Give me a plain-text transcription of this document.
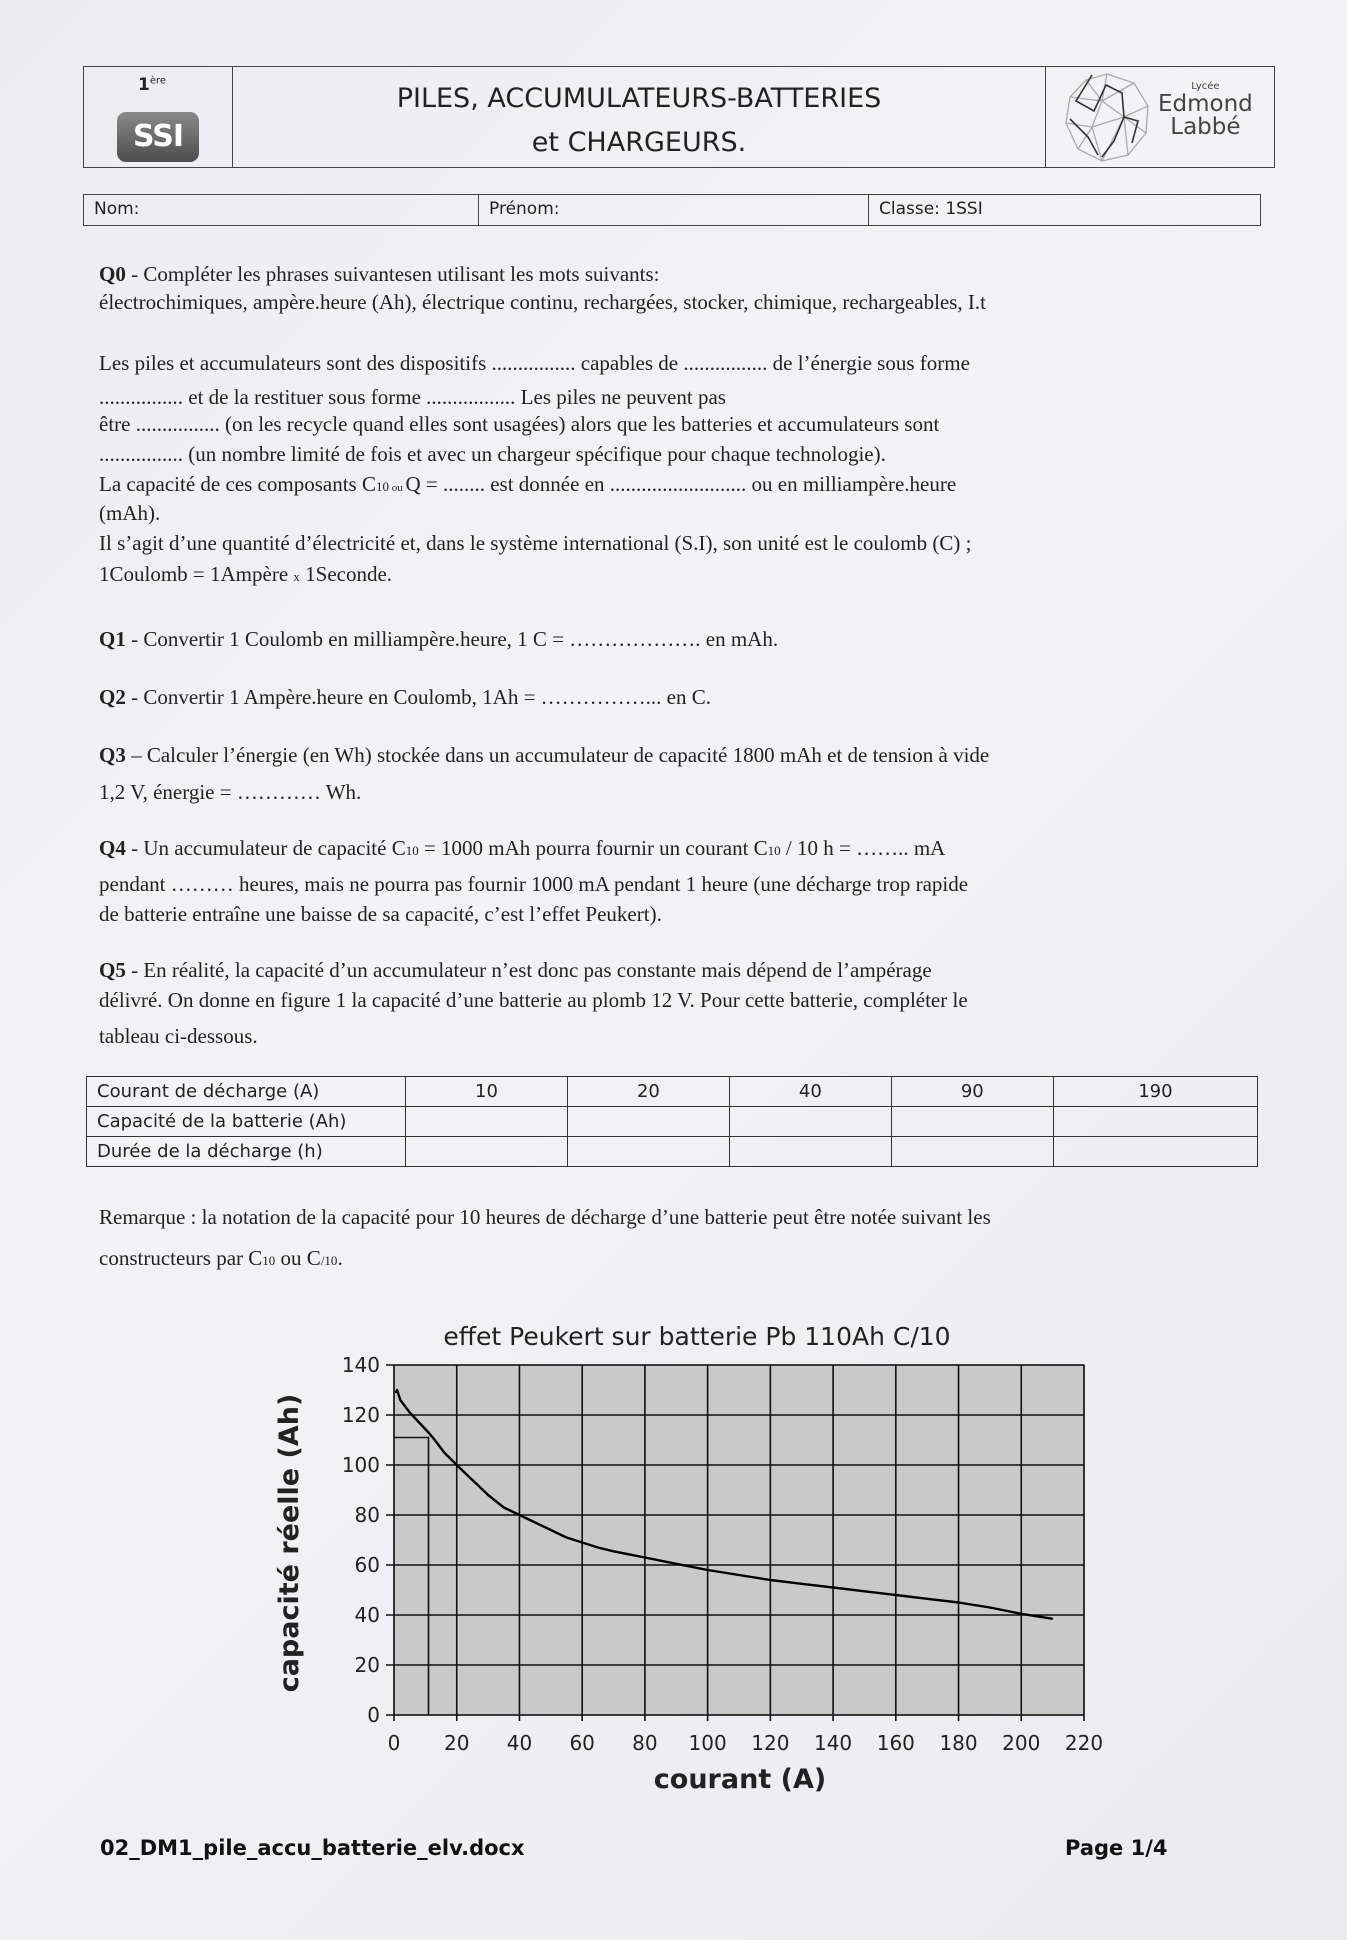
1ère
SSI
PILES, ACCUMULATEURS-BATTERIES
et CHARGEURS.
Lycée
Edmond
Labbé
Nom:	Prénom:	Classe: 1SSI
Q0 - Compléter les phrases suivantesen utilisant les mots suivants:
électrochimiques, ampère.heure (Ah), électrique continu, rechargées, stocker, chimique, rechargeables, I.t
Les piles et accumulateurs sont des dispositifs ................ capables de ................ de l’énergie sous forme
................ et de la restituer sous forme ................. Les piles ne peuvent pas
être ................ (on les recycle quand elles sont usagées) alors que les batteries et accumulateurs sont
................ (un nombre limité de fois et avec un chargeur spécifique pour chaque technologie).
La capacité de ces composants C10 ou Q = ........ est donnée en .......................... ou en milliampère.heure
(mAh).
Il s’agit d’une quantité d’électricité et, dans le système international (S.I), son unité est le coulomb (C) ;
1Coulomb = 1Ampère x 1Seconde.
Q1 - Convertir 1 Coulomb en milliampère.heure, 1 C = ………………. en mAh.
Q2 - Convertir 1 Ampère.heure en Coulomb, 1Ah = ……………... en C.
Q3 – Calculer l’énergie (en Wh) stockée dans un accumulateur de capacité 1800 mAh et de tension à vide
1,2 V, énergie = ………… Wh.
Q4 - Un accumulateur de capacité C10 = 1000 mAh pourra fournir un courant C10 / 10 h = …….. mA
pendant ……… heures, mais ne pourra pas fournir 1000 mA pendant 1 heure (une décharge trop rapide
de batterie entraîne une baisse de sa capacité, c’est l’effet Peukert).
Q5 - En réalité, la capacité d’un accumulateur n’est donc pas constante mais dépend de l’ampérage
délivré. On donne en figure 1 la capacité d’une batterie au plomb 12 V. Pour cette batterie, compléter le
tableau ci-dessous.
Courant de décharge (A)	10	20	40	90	190
Capacité de la batterie (Ah)					
Durée de la décharge (h)					
Remarque : la notation de la capacité pour 10 heures de décharge d’une batterie peut être notée suivant les
constructeurs par C10 ou C/10.
effet Peukert sur batterie Pb 110Ah C/10
0 20 40 60 80 100 120 140 160 180 200 220
0
20
40
60
80
100
120
140
courant (A)
capacité réelle (Ah)
02_DM1_pile_accu_batterie_elv.docx	Page 1/4
